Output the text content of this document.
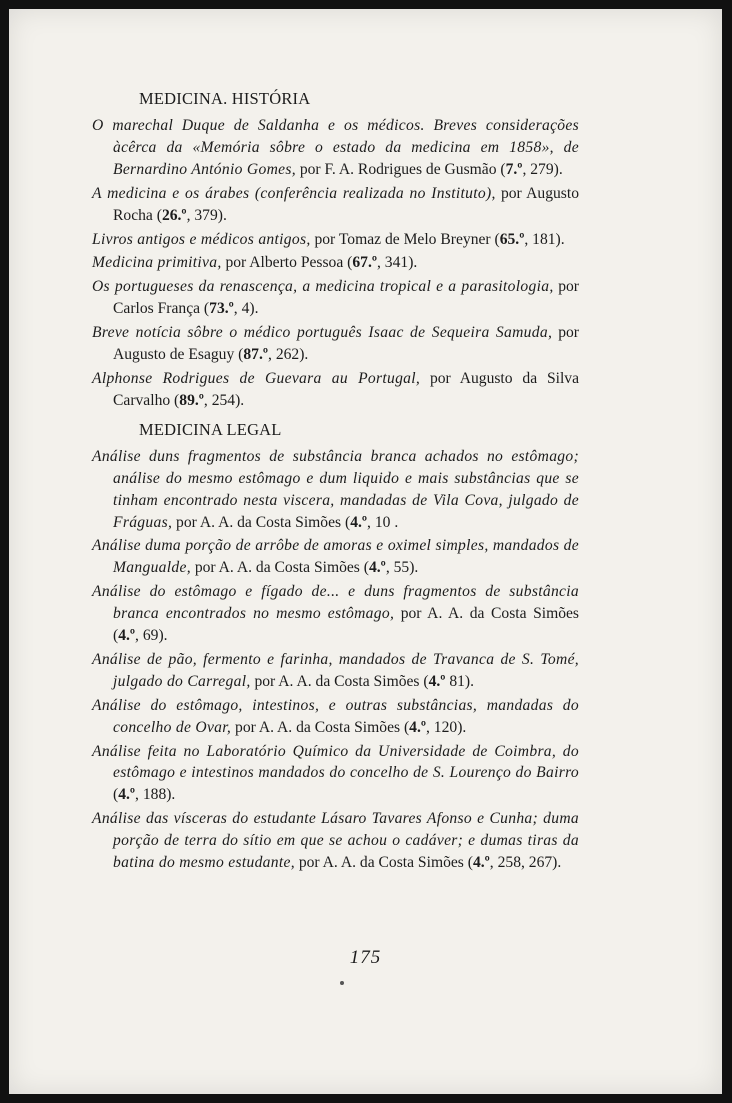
MEDICINA. HISTÓRIA

O marechal Duque de Saldanha e os médicos. Breves considerações àcêrca da «Memória sôbre o estado da medicina em 1858», de Bernardino António Gomes, por F. A. Rodrigues de Gusmão (7.º, 279).

A medicina e os árabes (conferência realizada no Instituto), por Augusto Rocha (26.º, 379).

Livros antigos e médicos antigos, por Tomaz de Melo Breyner (65.º, 181).

Medicina primitiva, por Alberto Pessoa (67.º, 341).

Os portugueses da renascença, a medicina tropical e a parasitologia, por Carlos França (73.º, 4).

Breve notícia sôbre o médico português Isaac de Sequeira Samuda, por Augusto de Esaguy (87.º, 262).

Alphonse Rodrigues de Guevara au Portugal, por Augusto da Silva Carvalho (89.º, 254).

MEDICINA LEGAL

Análise duns fragmentos de substância branca achados no estômago; análise do mesmo estômago e dum liquido e mais substâncias que se tinham encontrado nesta viscera, mandadas de Vila Cova, julgado de Fráguas, por A. A. da Costa Simões (4.º, 10 .

Análise duma porção de arrôbe de amoras e oximel simples, mandados de Mangualde, por A. A. da Costa Simões (4.º, 55).

Análise do estômago e fígado de... e duns fragmentos de substância branca encontrados no mesmo estômago, por A. A. da Costa Simões (4.º, 69).

Análise de pão, fermento e farinha, mandados de Travanca de S. Tomé, julgado do Carregal, por A. A. da Costa Simões (4.º 81).

Análise do estômago, intestinos, e outras substâncias, mandadas do concelho de Ovar, por A. A. da Costa Simões (4.º, 120).

Análise feita no Laboratório Químico da Universidade de Coimbra, do estômago e intestinos mandados do concelho de S. Lourenço do Bairro (4.º, 188).

Análise das vísceras do estudante Lásaro Tavares Afonso e Cunha; duma porção de terra do sítio em que se achou o cadáver; e dumas tiras da batina do mesmo estudante, por A. A. da Costa Simões (4.º, 258, 267).

175
